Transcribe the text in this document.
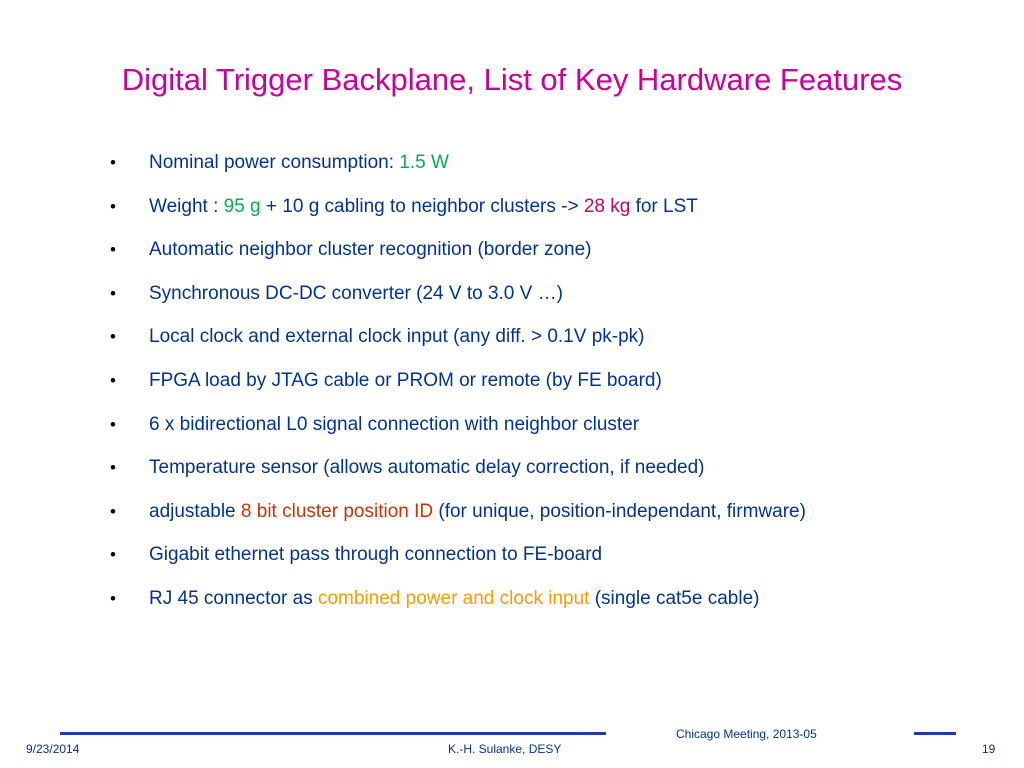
Digital Trigger Backplane, List of Key Hardware Features
•	Nominal power consumption: 1.5 W
•	Weight : 95 g + 10 g cabling to neighbor clusters -> 28 kg for LST
•	Automatic neighbor cluster recognition (border zone)
•	Synchronous DC-DC converter (24 V to 3.0 V …)
•	Local clock and external clock input (any diff. > 0.1V pk-pk)
•	FPGA load by JTAG cable or PROM or remote (by FE board)
•	6 x bidirectional L0 signal connection with neighbor cluster
•	Temperature sensor (allows automatic delay correction, if needed)
•	adjustable 8 bit cluster position ID (for unique, position-independant, firmware)
•	Gigabit ethernet pass through connection to FE-board
•	RJ 45 connector as combined power and clock input (single cat5e cable)
Chicago Meeting, 2013-05
9/23/2014	K.-H. Sulanke, DESY	19
